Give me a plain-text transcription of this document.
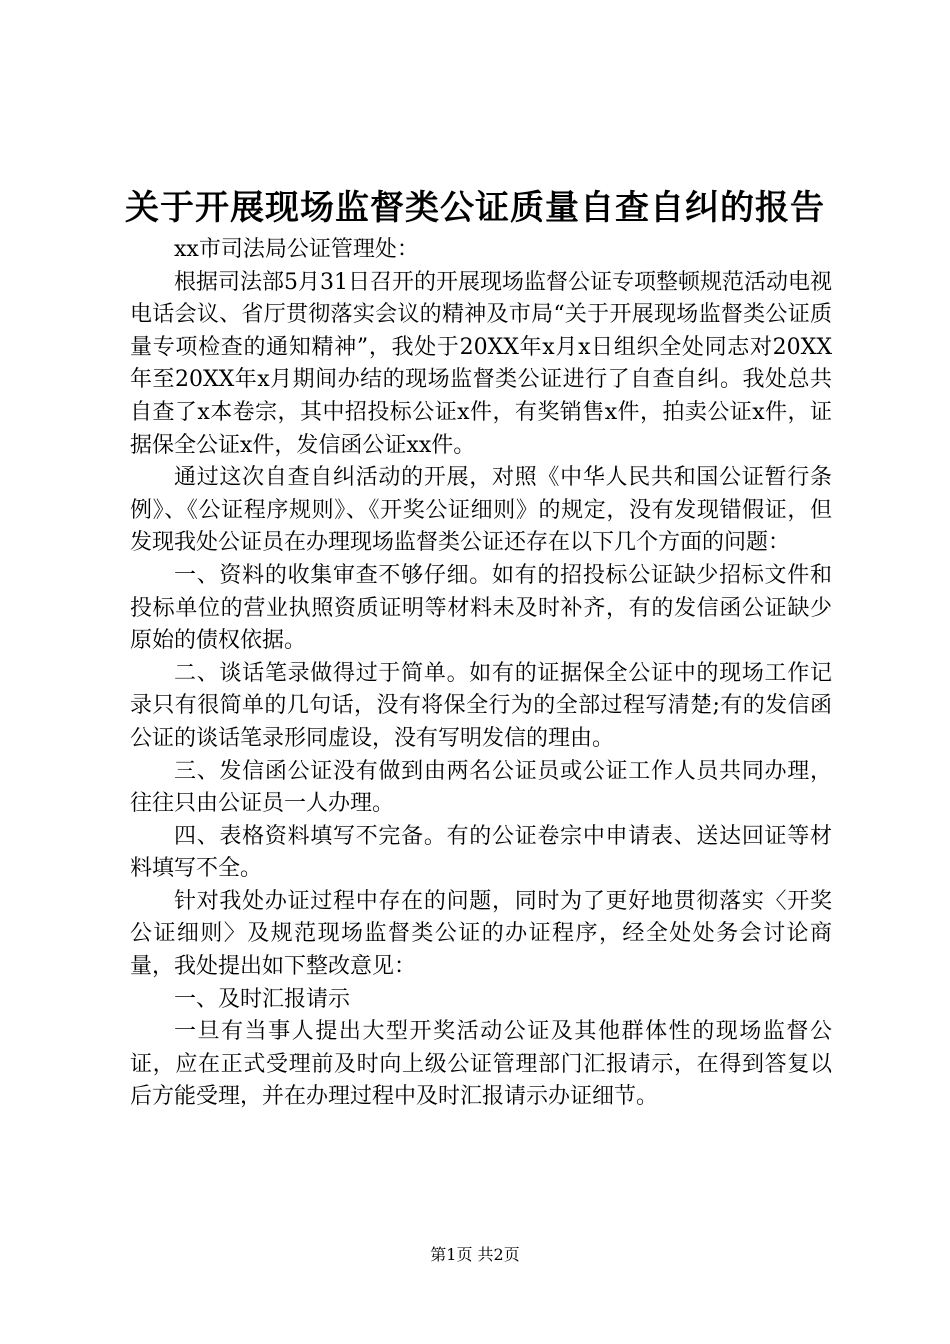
关于开展现场监督类公证质量自查自纠的报告

xx市司法局公证管理处：

根据司法部5月31日召开的开展现场监督公证专项整顿规范活动电视电话会议、省厅贯彻落实会议的精神及市局“关于开展现场监督类公证质量专项检查的通知精神”，我处于20XX年x月x日组织全处同志对20XX年至20XX年x月期间办结的现场监督类公证进行了自查自纠。我处总共自查了x本卷宗，其中招投标公证x件，有奖销售x件，拍卖公证x件，证据保全公证x件，发信函公证xx件。

通过这次自查自纠活动的开展，对照《中华人民共和国公证暂行条例》、《公证程序规则》、《开奖公证细则》的规定，没有发现错假证，但发现我处公证员在办理现场监督类公证还存在以下几个方面的问题：

一、资料的收集审查不够仔细。如有的招投标公证缺少招标文件和投标单位的营业执照资质证明等材料未及时补齐，有的发信函公证缺少原始的债权依据。

二、谈话笔录做得过于简单。如有的证据保全公证中的现场工作记录只有很简单的几句话，没有将保全行为的全部过程写清楚;有的发信函公证的谈话笔录形同虚设，没有写明发信的理由。

三、发信函公证没有做到由两名公证员或公证工作人员共同办理，往往只由公证员一人办理。

四、表格资料填写不完备。有的公证卷宗中申请表、送达回证等材料填写不全。

针对我处办证过程中存在的问题，同时为了更好地贯彻落实〈开奖公证细则〉及规范现场监督类公证的办证程序，经全处处务会讨论商量，我处提出如下整改意见：

一、及时汇报请示

一旦有当事人提出大型开奖活动公证及其他群体性的现场监督公证，应在正式受理前及时向上级公证管理部门汇报请示，在得到答复以后方能受理，并在办理过程中及时汇报请示办证细节。

第1页 共2页
